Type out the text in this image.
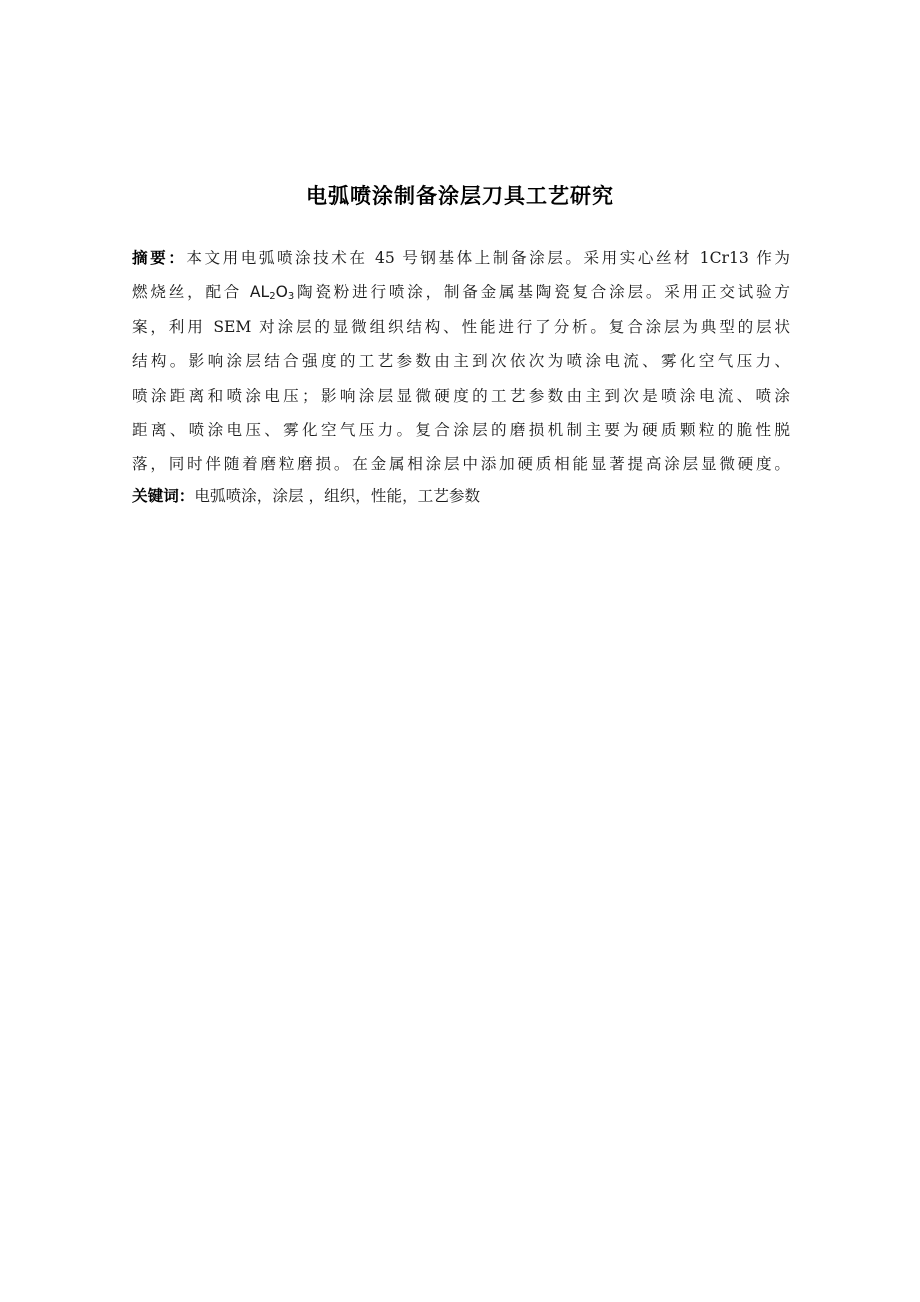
电弧喷涂制备涂层刀具工艺研究
摘要：本文用电弧喷涂技术在 45 号钢基体上制备涂层。采用实心丝材 1Cr13 作为
燃烧丝，配合 $AL_2O_3$陶瓷粉进行喷涂，制备金属基陶瓷复合涂层。采用正交试验方
案，利用 SEM 对涂层的显微组织结构、性能进行了分析。复合涂层为典型的层状
结构。影响涂层结合强度的工艺参数由主到次依次为喷涂电流、雾化空气压力、
喷涂距离和喷涂电压；影响涂层显微硬度的工艺参数由主到次是喷涂电流、喷涂
距离、喷涂电压、雾化空气压力。复合涂层的磨损机制主要为硬质颗粒的脆性脱
落，同时伴随着磨粒磨损。在金属相涂层中添加硬质相能显著提高涂层显微硬度。
关键词：电弧喷涂，涂层 ，组织，性能，工艺参数
